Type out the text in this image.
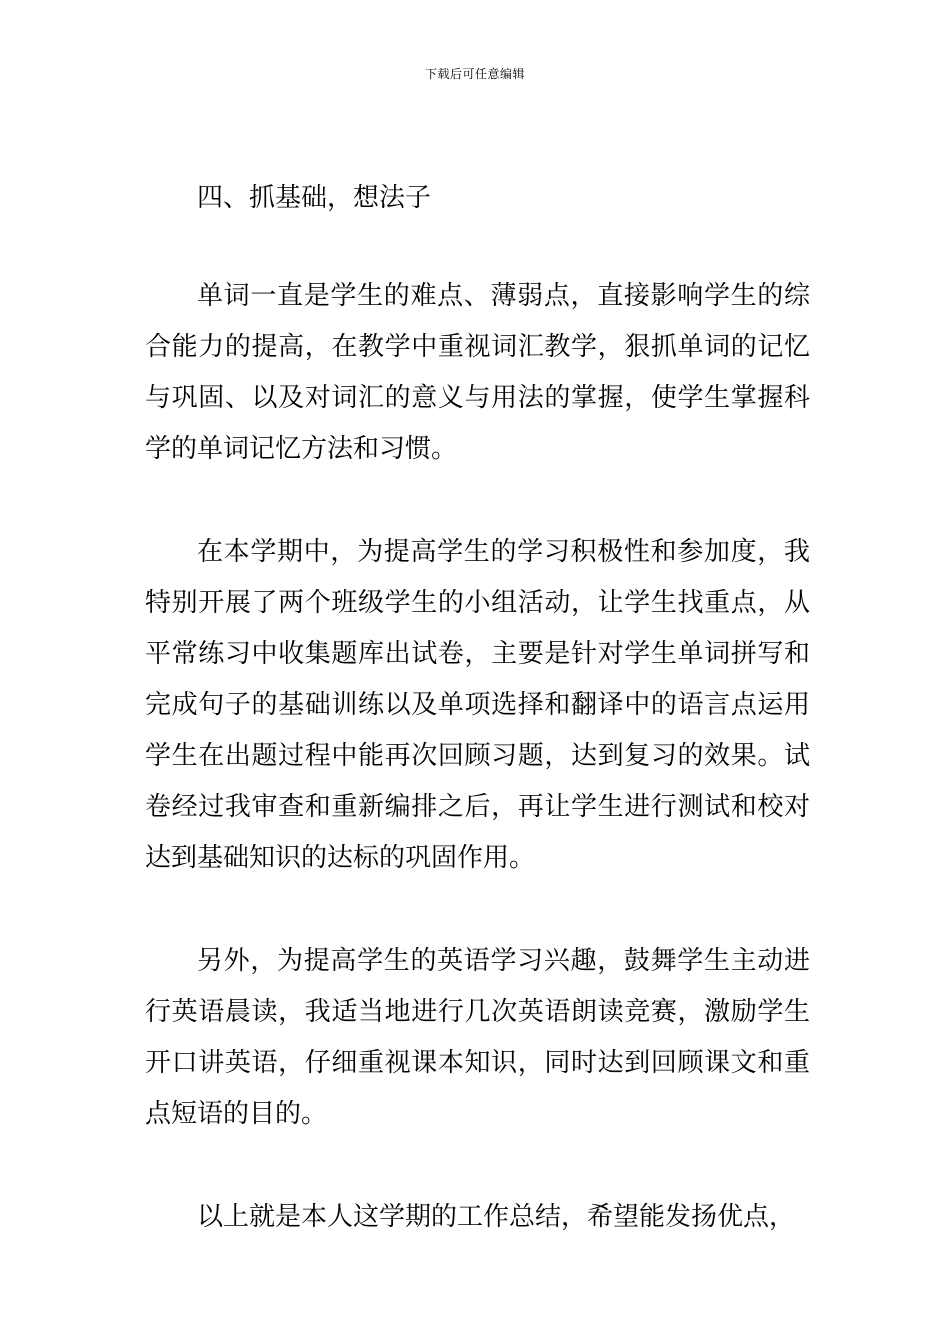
下载后可任意编辑
四、抓基础，想法子

单词一直是学生的难点、薄弱点，直接影响学生的综合能力的提高，在教学中重视词汇教学，狠抓单词的记忆与巩固、以及对词汇的意义与用法的掌握，使学生掌握科学的单词记忆方法和习惯。

在本学期中，为提高学生的学习积极性和参加度，我特别开展了两个班级学生的小组活动，让学生找重点，从平常练习中收集题库出试卷，主要是针对学生单词拼写和完成句子的基础训练以及单项选择和翻译中的语言点运用学生在出题过程中能再次回顾习题，达到复习的效果。试卷经过我审查和重新编排之后，再让学生进行测试和校对达到基础知识的达标的巩固作用。

另外，为提高学生的英语学习兴趣，鼓舞学生主动进行英语晨读，我适当地进行几次英语朗读竞赛，激励学生开口讲英语，仔细重视课本知识，同时达到回顾课文和重点短语的目的。

以上就是本人这学期的工作总结，希望能发扬优点，
